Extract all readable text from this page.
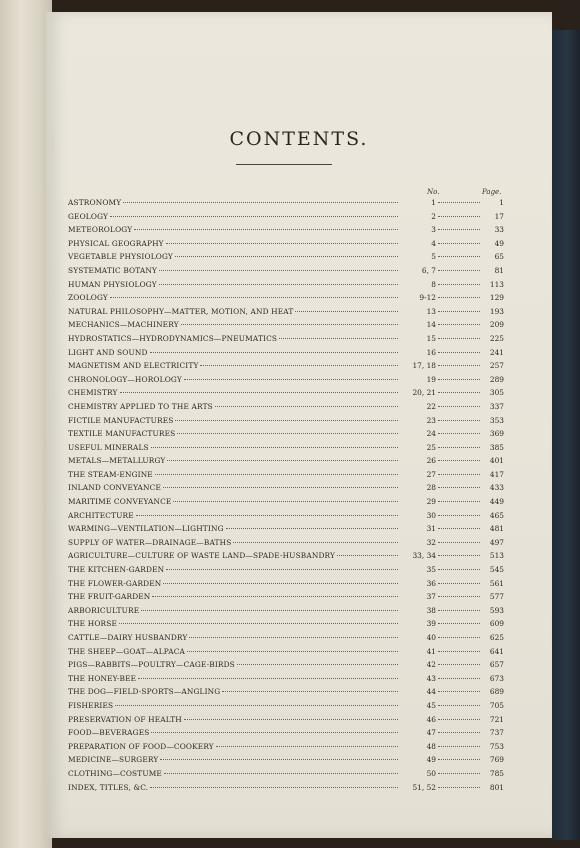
CONTENTS.
No.	Page.
ASTRONOMY	1	1
GEOLOGY	2	17
METEOROLOGY	3	33
PHYSICAL GEOGRAPHY	4	49
VEGETABLE PHYSIOLOGY	5	65
SYSTEMATIC BOTANY	6, 7	81
HUMAN PHYSIOLOGY	8	113
ZOOLOGY	9-12	129
NATURAL PHILOSOPHY—MATTER, MOTION, AND HEAT	13	193
MECHANICS—MACHINERY	14	209
HYDROSTATICS—HYDRODYNAMICS—PNEUMATICS	15	225
LIGHT AND SOUND	16	241
MAGNETISM AND ELECTRICITY	17, 18	257
CHRONOLOGY—HOROLOGY	19	289
CHEMISTRY	20, 21	305
CHEMISTRY APPLIED TO THE ARTS	22	337
FICTILE MANUFACTURES	23	353
TEXTILE MANUFACTURES	24	369
USEFUL MINERALS	25	385
METALS—METALLURGY	26	401
THE STEAM-ENGINE	27	417
INLAND CONVEYANCE	28	433
MARITIME CONVEYANCE	29	449
ARCHITECTURE	30	465
WARMING—VENTILATION—LIGHTING	31	481
SUPPLY OF WATER—DRAINAGE—BATHS	32	497
AGRICULTURE—CULTURE OF WASTE LAND—SPADE-HUSBANDRY	33, 34	513
THE KITCHEN-GARDEN	35	545
THE FLOWER-GARDEN	36	561
THE FRUIT-GARDEN	37	577
ARBORICULTURE	38	593
THE HORSE	39	609
CATTLE—DAIRY HUSBANDRY	40	625
THE SHEEP—GOAT—ALPACA	41	641
PIGS—RABBITS—POULTRY—CAGE-BIRDS	42	657
THE HONEY-BEE	43	673
THE DOG—FIELD-SPORTS—ANGLING	44	689
FISHERIES	45	705
PRESERVATION OF HEALTH	46	721
FOOD—BEVERAGES	47	737
PREPARATION OF FOOD—COOKERY	48	753
MEDICINE—SURGERY	49	769
CLOTHING—COSTUME	50	785
INDEX, TITLES, &C.	51, 52	801
